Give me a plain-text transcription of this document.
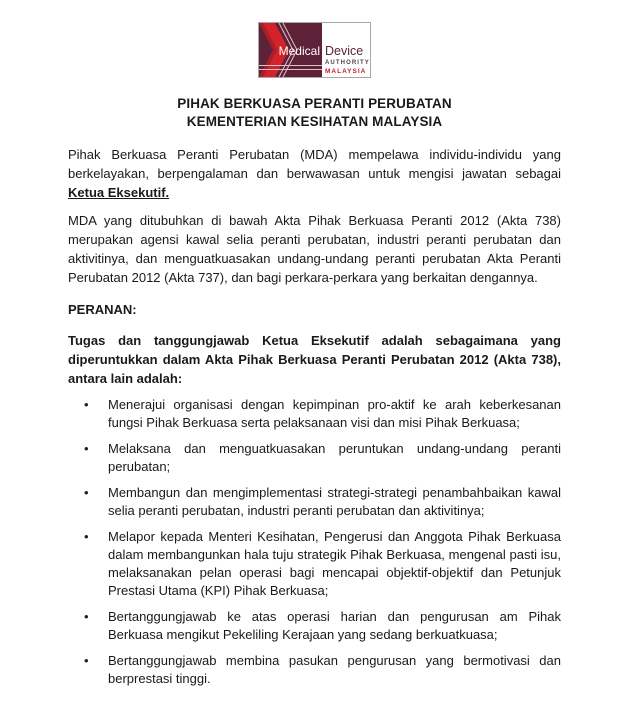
Medical Device
AUTHORITY
MALAYSIA
PIHAK BERKUASA PERANTI PERUBATAN
KEMENTERIAN KESIHATAN MALAYSIA

Pihak Berkuasa Peranti Perubatan (MDA) mempelawa individu-individu yang berkelayakan, berpengalaman dan berwawasan untuk mengisi jawatan sebagai Ketua Eksekutif.

MDA yang ditubuhkan di bawah Akta Pihak Berkuasa Peranti 2012 (Akta 738) merupakan agensi kawal selia peranti perubatan, industri peranti perubatan dan aktivitinya, dan menguatkuasakan undang-undang peranti perubatan Akta Peranti Perubatan 2012 (Akta 737), dan bagi perkara-perkara yang berkaitan dengannya.

PERANAN:

Tugas dan tanggungjawab Ketua Eksekutif adalah sebagaimana yang diperuntukkan dalam Akta Pihak Berkuasa Peranti Perubatan 2012 (Akta 738), antara lain adalah:

• Menerajui organisasi dengan kepimpinan pro-aktif ke arah keberkesanan fungsi Pihak Berkuasa serta pelaksanaan visi dan misi Pihak Berkuasa;
• Melaksana dan menguatkuasakan peruntukan undang-undang peranti perubatan;
• Membangun dan mengimplementasi strategi-strategi penambahbaikan kawal selia peranti perubatan, industri peranti perubatan dan aktivitinya;
• Melapor kepada Menteri Kesihatan, Pengerusi dan Anggota Pihak Berkuasa dalam membangunkan hala tuju strategik Pihak Berkuasa, mengenal pasti isu, melaksanakan pelan operasi bagi mencapai objektif-objektif dan Petunjuk Prestasi Utama (KPI) Pihak Berkuasa;
• Bertanggungjawab ke atas operasi harian dan pengurusan am Pihak Berkuasa mengikut Pekeliling Kerajaan yang sedang berkuatkuasa;
• Bertanggungjawab membina pasukan pengurusan yang bermotivasi dan berprestasi tinggi.
